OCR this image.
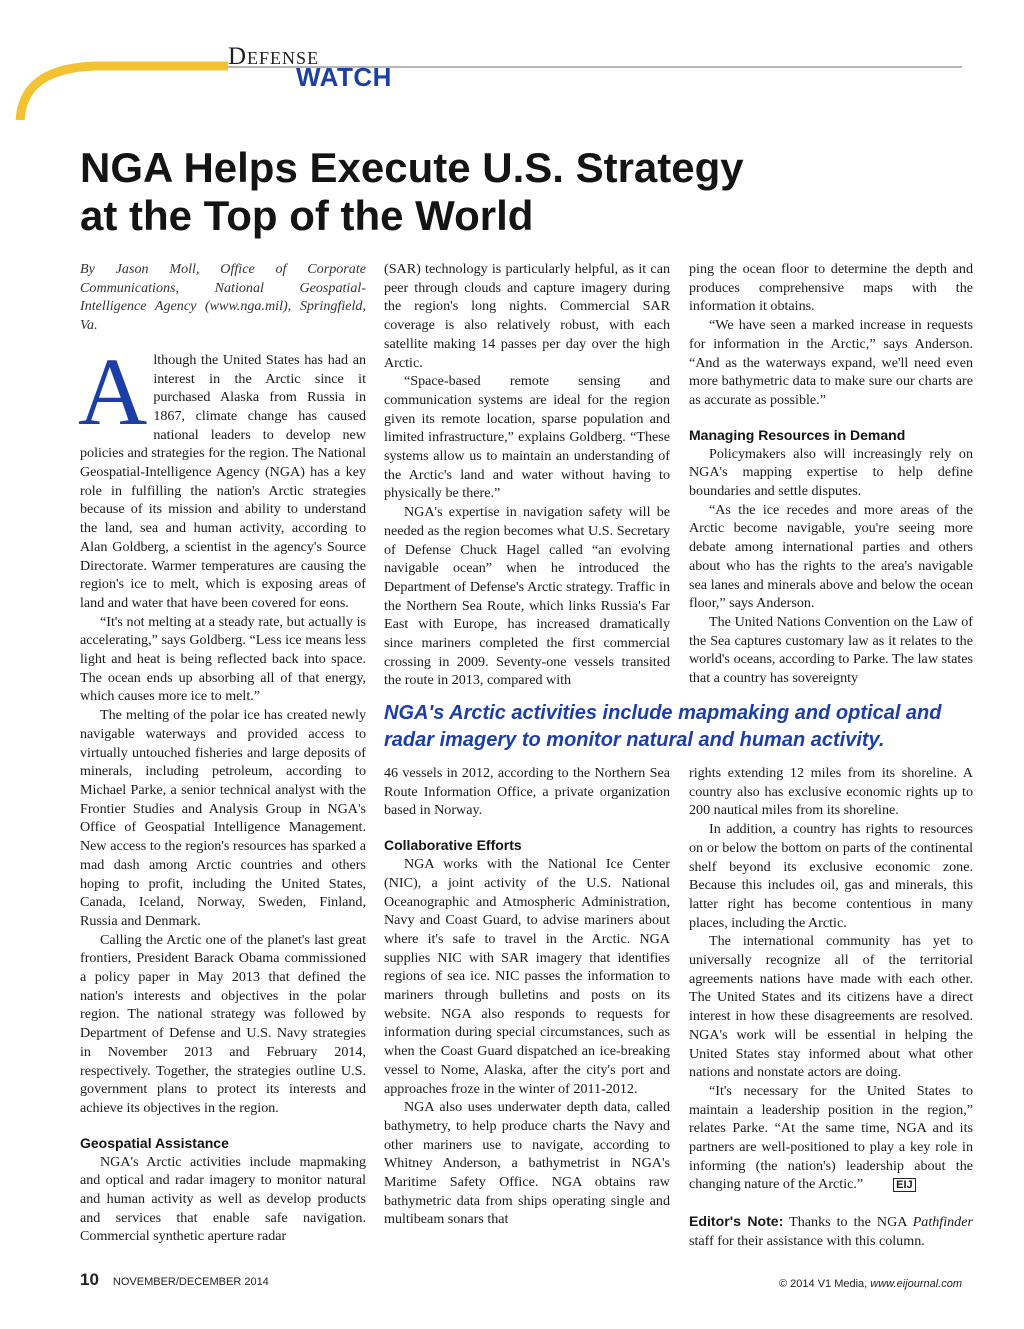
Defense
WATCH
NGA Helps Execute U.S. Strategy at the Top of the World

By Jason Moll, Office of Corporate Communications, National Geospatial-Intelligence Agency (www.nga.mil), Springfield, Va.

Although the United States has had an interest in the Arctic since it purchased Alaska from Russia in 1867, climate change has caused national leaders to develop new policies and strategies for the region. The National Geospatial-Intelligence Agency (NGA) has a key role in fulfilling the nation's Arctic strategies because of its mission and ability to understand the land, sea and human activity, according to Alan Goldberg, a scientist in the agency's Source Directorate. Warmer temperatures are causing the region's ice to melt, which is exposing areas of land and water that have been covered for eons.

“It's not melting at a steady rate, but actually is accelerating,” says Goldberg. “Less ice means less light and heat is being reflected back into space. The ocean ends up absorbing all of that energy, which causes more ice to melt.”

The melting of the polar ice has created newly navigable waterways and provided access to virtually untouched fisheries and large deposits of minerals, including petroleum, according to Michael Parke, a senior technical analyst with the Frontier Studies and Analysis Group in NGA's Office of Geospatial Intelligence Management. New access to the region's resources has sparked a mad dash among Arctic countries and others hoping to profit, including the United States, Canada, Iceland, Norway, Sweden, Finland, Russia and Denmark.

Calling the Arctic one of the planet's last great frontiers, President Barack Obama commissioned a policy paper in May 2013 that defined the nation's interests and objectives in the polar region. The national strategy was followed by Department of Defense and U.S. Navy strategies in November 2013 and February 2014, respectively. Together, the strategies outline U.S. government plans to protect its interests and achieve its objectives in the region.

Geospatial Assistance

NGA's Arctic activities include mapmaking and optical and radar imagery to monitor natural and human activity as well as develop products and services that enable safe navigation. Commercial synthetic aperture radar

(SAR) technology is particularly helpful, as it can peer through clouds and capture imagery during the region's long nights. Commercial SAR coverage is also relatively robust, with each satellite making 14 passes per day over the high Arctic.

“Space-based remote sensing and communication systems are ideal for the region given its remote location, sparse population and limited infrastructure,” explains Goldberg. “These systems allow us to maintain an understanding of the Arctic's land and water without having to physically be there.”

NGA's expertise in navigation safety will be needed as the region becomes what U.S. Secretary of Defense Chuck Hagel called “an evolving navigable ocean” when he introduced the Department of Defense's Arctic strategy. Traffic in the Northern Sea Route, which links Russia's Far East with Europe, has increased dramatically since mariners completed the first commercial crossing in 2009. Seventy-one vessels transited the route in 2013, compared with

ping the ocean floor to determine the depth and produces comprehensive maps with the information it obtains.

“We have seen a marked increase in requests for information in the Arctic,” says Anderson. “And as the waterways expand, we'll need even more bathymetric data to make sure our charts are as accurate as possible.”

Managing Resources in Demand

Policymakers also will increasingly rely on NGA's mapping expertise to help define boundaries and settle disputes.

“As the ice recedes and more areas of the Arctic become navigable, you're seeing more debate among international parties and others about who has the rights to the area's navigable sea lanes and minerals above and below the ocean floor,” says Anderson.

The United Nations Convention on the Law of the Sea captures customary law as it relates to the world's oceans, according to Parke. The law states that a country has sovereignty

NGA's Arctic activities include mapmaking and optical and radar imagery to monitor natural and human activity.

46 vessels in 2012, according to the Northern Sea Route Information Office, a private organization based in Norway.

Collaborative Efforts

NGA works with the National Ice Center (NIC), a joint activity of the U.S. National Oceanographic and Atmospheric Administration, Navy and Coast Guard, to advise mariners about where it's safe to travel in the Arctic. NGA supplies NIC with SAR imagery that identifies regions of sea ice. NIC passes the information to mariners through bulletins and posts on its website. NGA also responds to requests for information during special circumstances, such as when the Coast Guard dispatched an ice-breaking vessel to Nome, Alaska, after the city's port and approaches froze in the winter of 2011-2012.

NGA also uses underwater depth data, called bathymetry, to help produce charts the Navy and other mariners use to navigate, according to Whitney Anderson, a bathymetrist in NGA's Maritime Safety Office. NGA obtains raw bathymetric data from ships operating single and multibeam sonars that

rights extending 12 miles from its shoreline. A country also has exclusive economic rights up to 200 nautical miles from its shoreline.

In addition, a country has rights to resources on or below the bottom on parts of the continental shelf beyond its exclusive economic zone. Because this includes oil, gas and minerals, this latter right has become contentious in many places, including the Arctic.

The international community has yet to universally recognize all of the territorial agreements nations have made with each other. The United States and its citizens have a direct interest in how these disagreements are resolved. NGA's work will be essential in helping the United States stay informed about what other nations and nonstate actors are doing.

“It's necessary for the United States to maintain a leadership position in the region,” relates Parke. “At the same time, NGA and its partners are well-positioned to play a key role in informing (the nation's) leadership about the changing nature of the Arctic.”	EIJ

Editor's Note: Thanks to the NGA Pathfinder staff for their assistance with this column.

10 NOVEMBER/DECEMBER 2014	© 2014 V1 Media, www.eijournal.com
